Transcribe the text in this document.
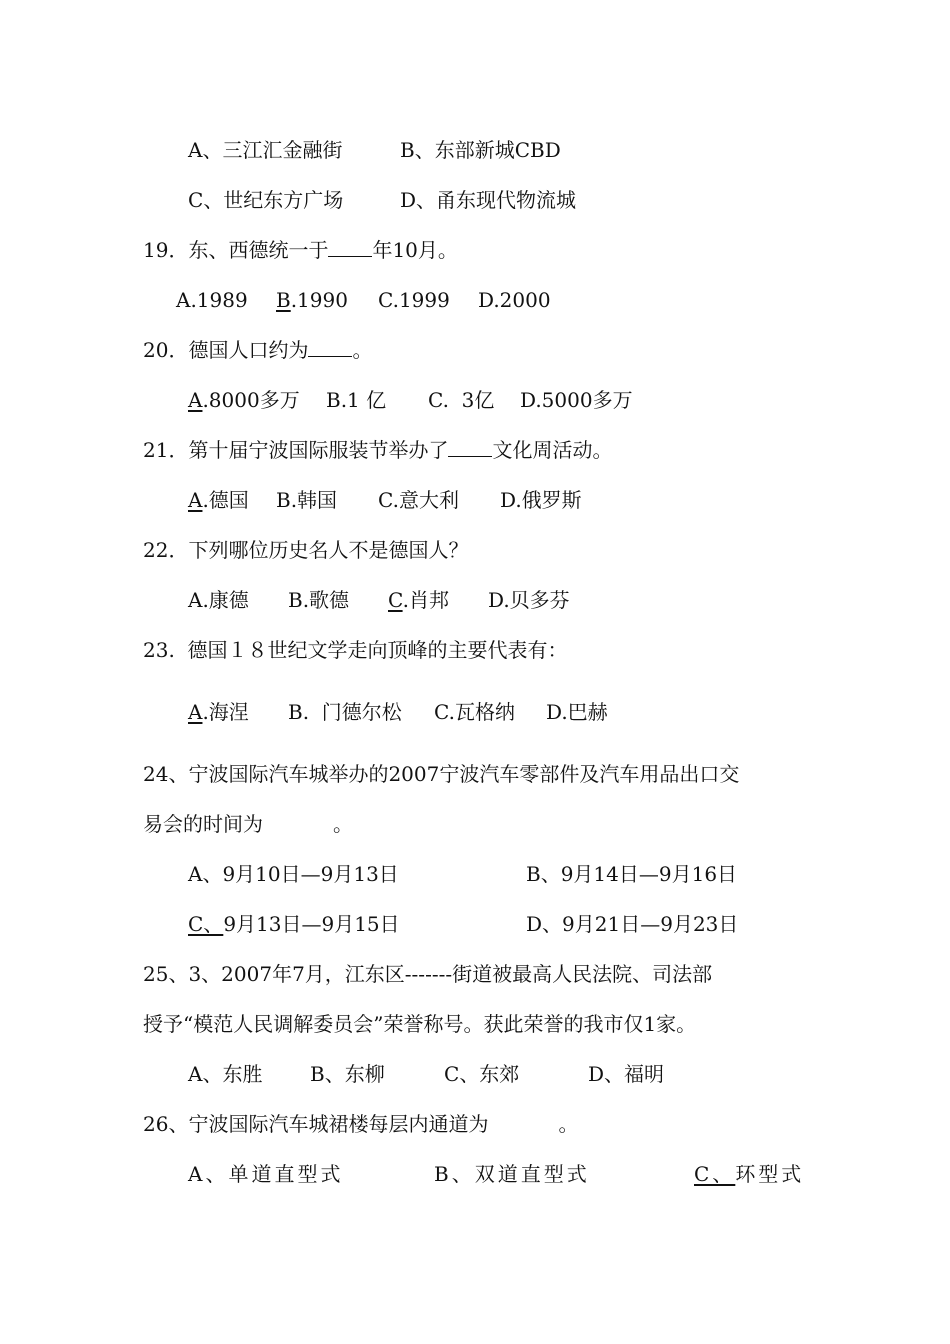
A、三江汇金融街	B、东部新城CBD
C、世纪东方广场	D、甬东现代物流城
19．东、西德统一于 年10月。
A.1989 B.1990 C.1999 D.2000
20．德国人口约为 。
A.8000多万 B.1 亿 C.  3亿 D.5000多万
21．第十届宁波国际服装节举办了 文化周活动。
A.德国 B.韩国 C.意大利 D.俄罗斯
22．下列哪位历史名人不是德国人？
A.康德 B.歌德 C.肖邦 D.贝多芬
23.  德国１８世纪文学走向顶峰的主要代表有：
A.海涅 B.  门德尔松 C.瓦格纳 D.巴赫
24、宁波国际汽车城举办的2007宁波汽车零部件及汽车用品出口交
易会的时间为	。
A、9月10日—9月13日	B、9月14日—9月16日
C、9月13日—9月15日	D、9月21日—9月23日
25、3、2007年7月，江东区-------街道被最高人民法院、司法部
授予“模范人民调解委员会”荣誉称号。获此荣誉的我市仅1家。
A、东胜 B、东柳	C、东郊	D、福明
26、宁波国际汽车城裙楼每层内通道为	。
A、单道直型式	B、双道直型式	C、环型式
